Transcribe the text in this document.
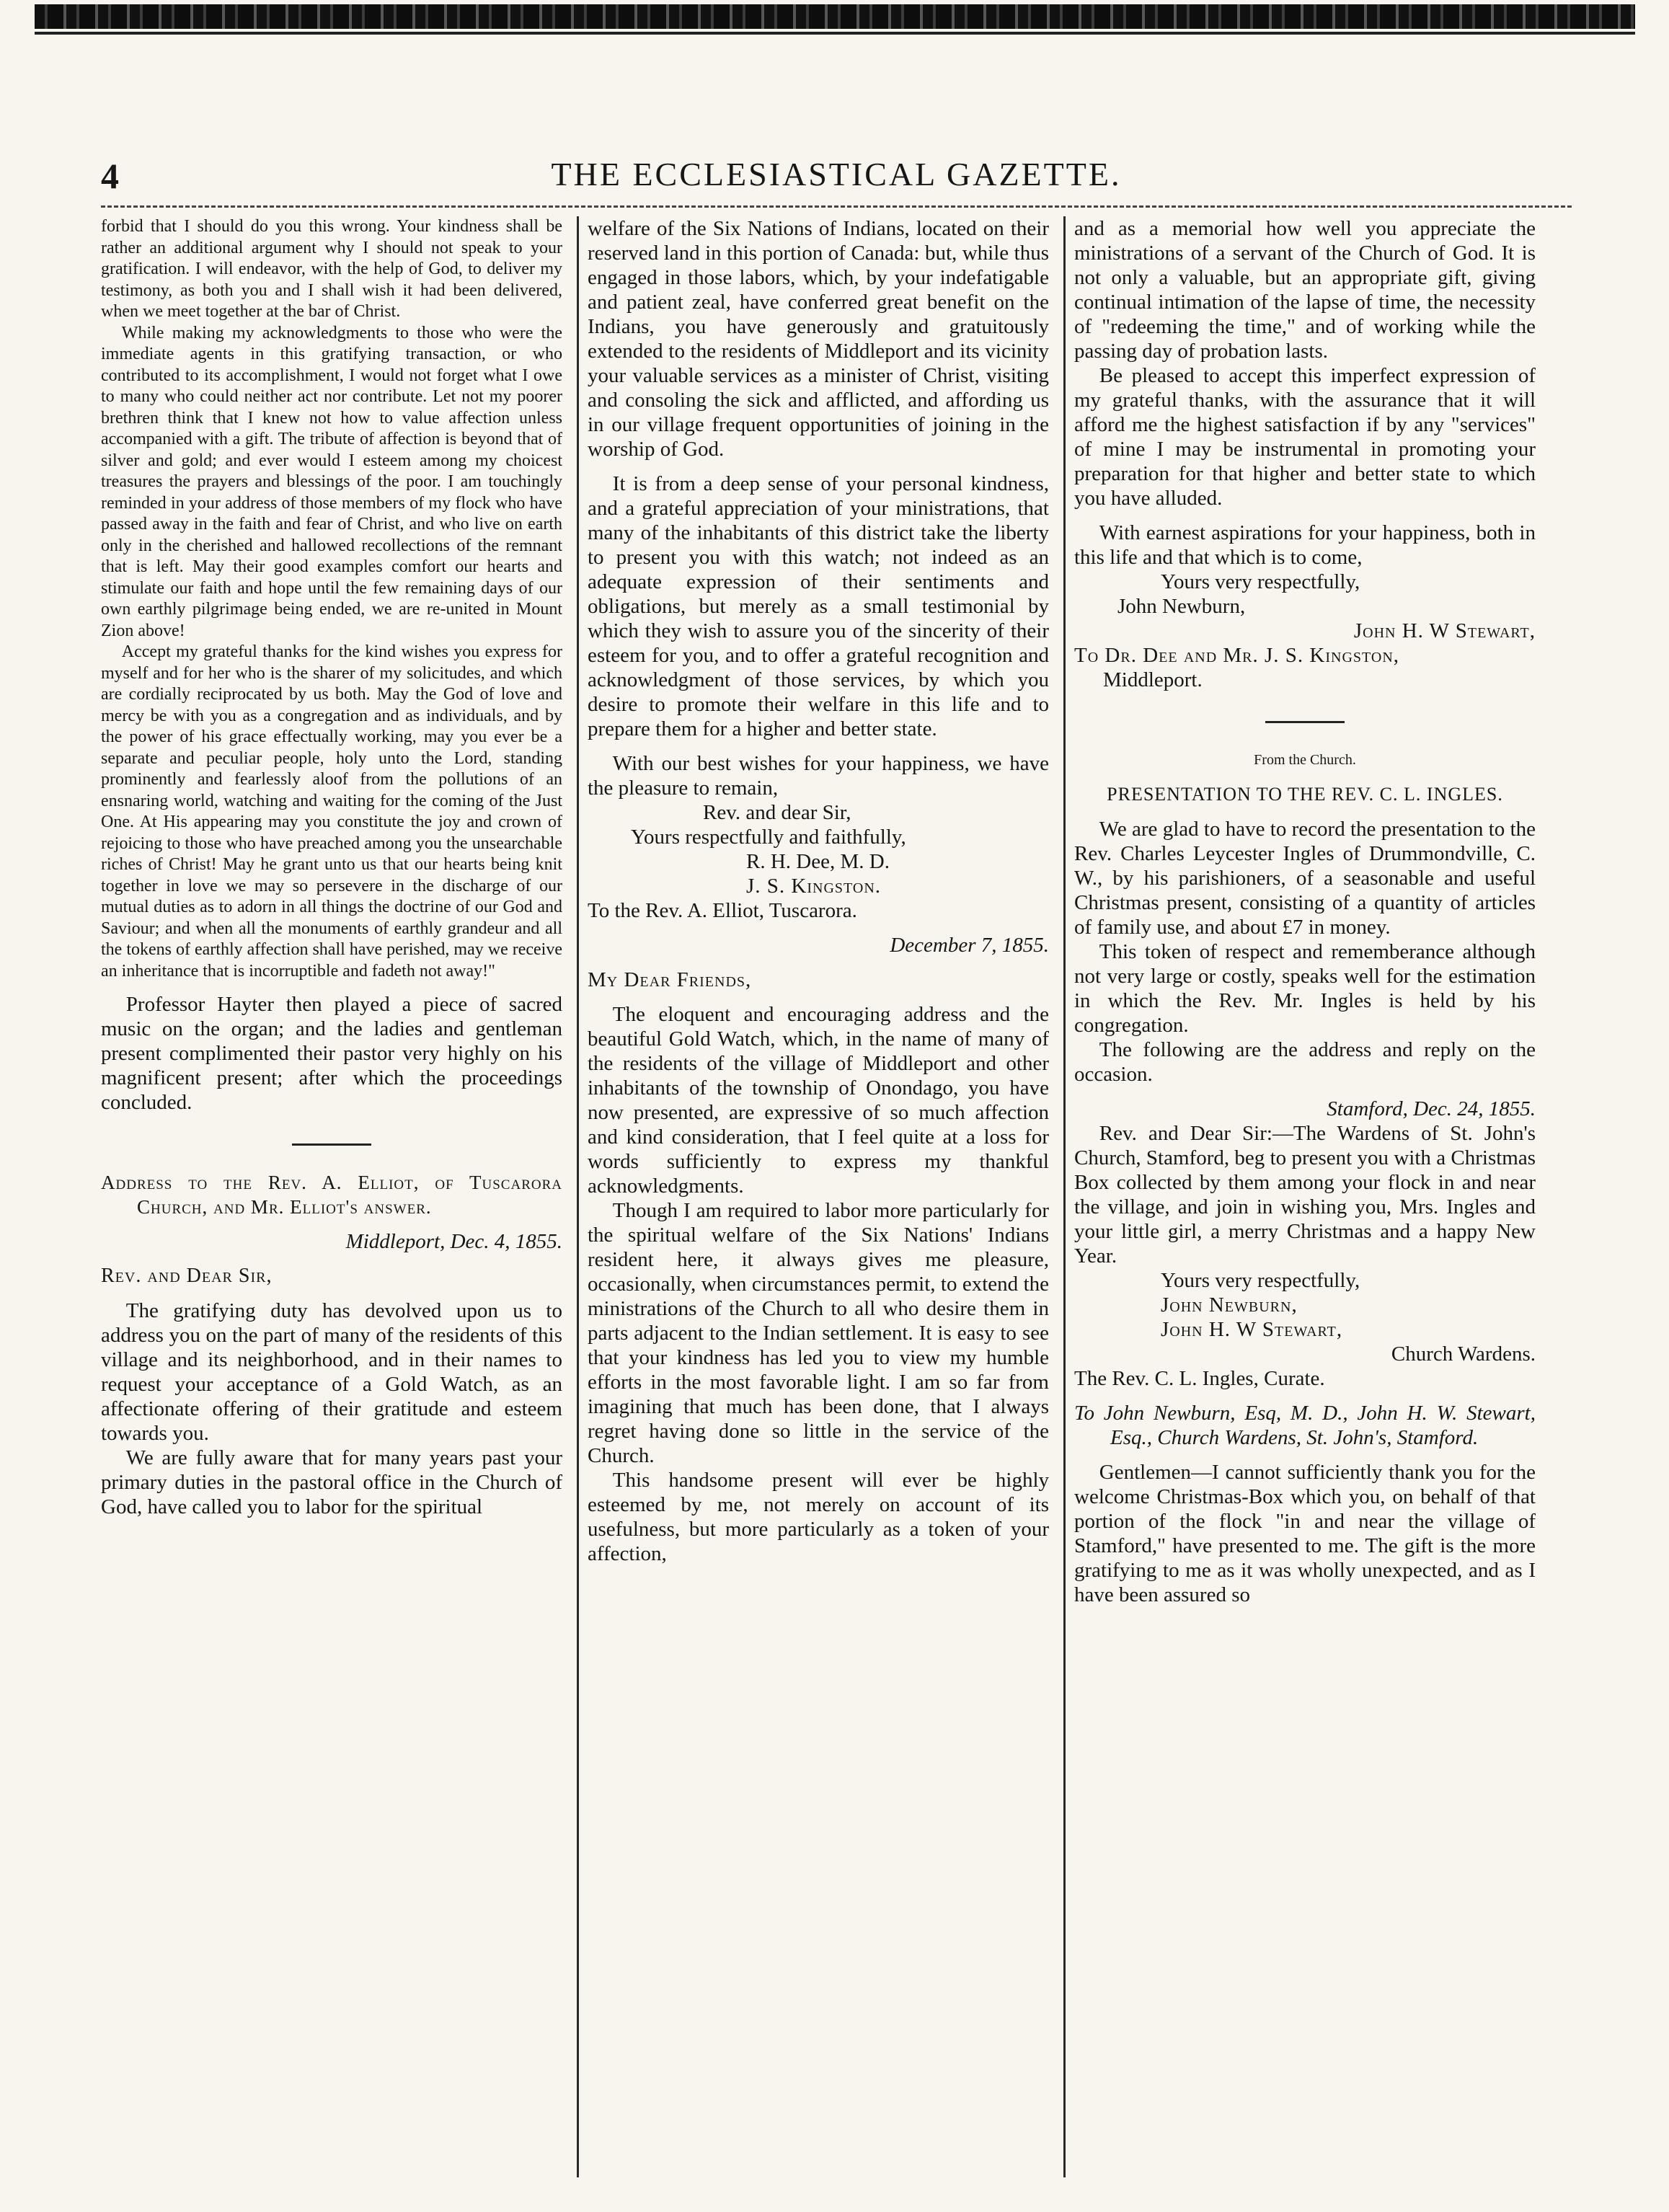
4	THE ECCLESIASTICAL GAZETTE.

forbid that I should do you this wrong. Your kindness shall be rather an additional argument why I should not speak to your gratification. I will endeavor, with the help of God, to deliver my testimony, as both you and I shall wish it had been delivered, when we meet together at the bar of Christ.

While making my acknowledgments to those who were the immediate agents in this gratifying transaction, or who contributed to its accomplishment, I would not forget what I owe to many who could neither act nor contribute. Let not my poorer brethren think that I knew not how to value affection unless accompanied with a gift. The tribute of affection is beyond that of silver and gold; and ever would I esteem among my choicest treasures the prayers and blessings of the poor. I am touchingly reminded in your address of those members of my flock who have passed away in the faith and fear of Christ, and who live on earth only in the cherished and hallowed recollections of the remnant that is left. May their good examples comfort our hearts and stimulate our faith and hope until the few remaining days of our own earthly pilgrimage being ended, we are re-united in Mount Zion above!

Accept my grateful thanks for the kind wishes you express for myself and for her who is the sharer of my solicitudes, and which are cordially reciprocated by us both. May the God of love and mercy be with you as a congregation and as individuals, and by the power of his grace effectually working, may you ever be a separate and peculiar people, holy unto the Lord, standing prominently and fearlessly aloof from the pollutions of an ensnaring world, watching and waiting for the coming of the Just One. At His appearing may you constitute the joy and crown of rejoicing to those who have preached among you the unsearchable riches of Christ! May he grant unto us that our hearts being knit together in love we may so persevere in the discharge of our mutual duties as to adorn in all things the doctrine of our God and Saviour; and when all the monuments of earthly grandeur and all the tokens of earthly affection shall have perished, may we receive an inheritance that is incorruptible and fadeth not away!"

Professor Hayter then played a piece of sacred music on the organ; and the ladies and gentleman present complimented their pastor very highly on his magnificent present; after which the proceedings concluded.

Address to the Rev. A. Elliot, of Tuscarora Church, and Mr. Elliot's answer.

Middleport, Dec. 4, 1855.

Rev. and Dear Sir,

The gratifying duty has devolved upon us to address you on the part of many of the residents of this village and its neighborhood, and in their names to request your acceptance of a Gold Watch, as an affectionate offering of their gratitude and esteem towards you.

We are fully aware that for many years past your primary duties in the pastoral office in the Church of God, have called you to labor for the spiritual

welfare of the Six Nations of Indians, located on their reserved land in this portion of Canada: but, while thus engaged in those labors, which, by your indefatigable and patient zeal, have conferred great benefit on the Indians, you have generously and gratuitously extended to the residents of Middleport and its vicinity your valuable services as a minister of Christ, visiting and consoling the sick and afflicted, and affording us in our village frequent opportunities of joining in the worship of God.

It is from a deep sense of your personal kindness, and a grateful appreciation of your ministrations, that many of the inhabitants of this district take the liberty to present you with this watch; not indeed as an adequate expression of their sentiments and obligations, but merely as a small testimonial by which they wish to assure you of the sincerity of their esteem for you, and to offer a grateful recognition and acknowledgment of those services, by which you desire to promote their welfare in this life and to prepare them for a higher and better state.

With our best wishes for your happiness, we have the pleasure to remain,

Rev. and dear Sir,

Yours respectfully and faithfully,

R. H. Dee, M. D.

J. S. Kingston.

To the Rev. A. Elliot, Tuscarora.

December 7, 1855.

My Dear Friends,

The eloquent and encouraging address and the beautiful Gold Watch, which, in the name of many of the residents of the village of Middleport and other inhabitants of the township of Onondago, you have now presented, are expressive of so much affection and kind consideration, that I feel quite at a loss for words sufficiently to express my thankful acknowledgments.

Though I am required to labor more particularly for the spiritual welfare of the Six Nations' Indians resident here, it always gives me pleasure, occasionally, when circumstances permit, to extend the ministrations of the Church to all who desire them in parts adjacent to the Indian settlement. It is easy to see that your kindness has led you to view my humble efforts in the most favorable light. I am so far from imagining that much has been done, that I always regret having done so little in the service of the Church.

This handsome present will ever be highly esteemed by me, not merely on account of its usefulness, but more particularly as a token of your affection,

and as a memorial how well you appreciate the ministrations of a servant of the Church of God. It is not only a valuable, but an appropriate gift, giving continual intimation of the lapse of time, the necessity of "redeeming the time," and of working while the passing day of probation lasts.

Be pleased to accept this imperfect expression of my grateful thanks, with the assurance that it will afford me the highest satisfaction if by any "services" of mine I may be instrumental in promoting your preparation for that higher and better state to which you have alluded.

With earnest aspirations for your happiness, both in this life and that which is to come,

Yours very respectfully,

John Newburn,

John H. W Stewart,

To Dr. Dee and Mr. J. S. Kingston,

Middleport.

From the Church.

PRESENTATION TO THE REV. C. L. INGLES.

We are glad to have to record the presentation to the Rev. Charles Leycester Ingles of Drummondville, C. W., by his parishioners, of a seasonable and useful Christmas present, consisting of a quantity of articles of family use, and about £7 in money.

This token of respect and rememberance although not very large or costly, speaks well for the estimation in which the Rev. Mr. Ingles is held by his congregation.

The following are the address and reply on the occasion.

Stamford, Dec. 24, 1855.

Rev. and Dear Sir:—The Wardens of St. John's Church, Stamford, beg to present you with a Christmas Box collected by them among your flock in and near the village, and join in wishing you, Mrs. Ingles and your little girl, a merry Christmas and a happy New Year.

Yours very respectfully,

John Newburn,

John H. W Stewart,

Church Wardens.

The Rev. C. L. Ingles, Curate.

To John Newburn, Esq, M. D., John H. W. Stewart, Esq., Church Wardens, St. John's, Stamford.

Gentlemen—I cannot sufficiently thank you for the welcome Christmas-Box which you, on behalf of that portion of the flock "in and near the village of Stamford," have presented to me. The gift is the more gratifying to me as it was wholly unexpected, and as I have been assured so
